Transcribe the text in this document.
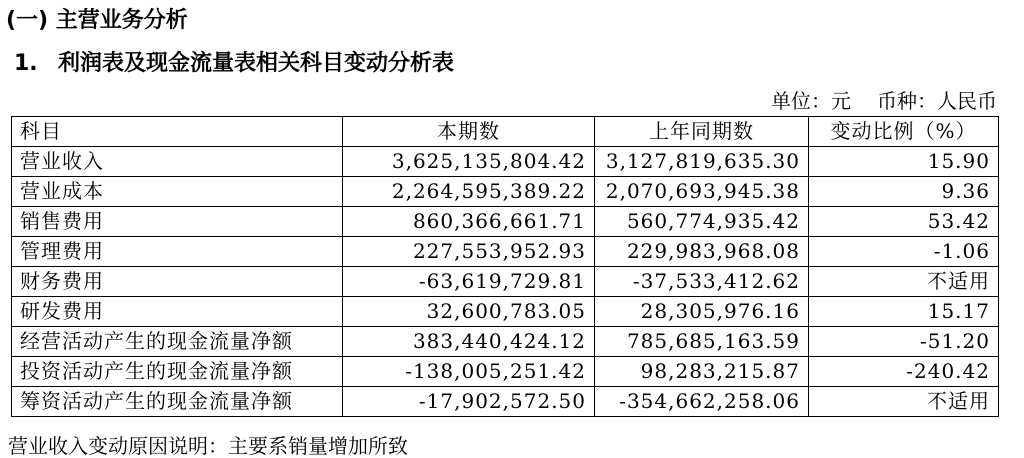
(一) 主营业务分析
1. 利润表及现金流量表相关科目变动分析表
单位：元 币种：人民币
科目	本期数	上年同期数	变动比例（%）
营业收入	3,625,135,804.42	3,127,819,635.30	15.90
营业成本	2,264,595,389.22	2,070,693,945.38	9.36
销售费用	860,366,661.71	560,774,935.42	53.42
管理费用	227,553,952.93	229,983,968.08	-1.06
财务费用	-63,619,729.81	-37,533,412.62	不适用
研发费用	32,600,783.05	28,305,976.16	15.17
经营活动产生的现金流量净额	383,440,424.12	785,685,163.59	-51.20
投资活动产生的现金流量净额	-138,005,251.42	98,283,215.87	-240.42
筹资活动产生的现金流量净额	-17,902,572.50	-354,662,258.06	不适用
营业收入变动原因说明：主要系销量增加所致
